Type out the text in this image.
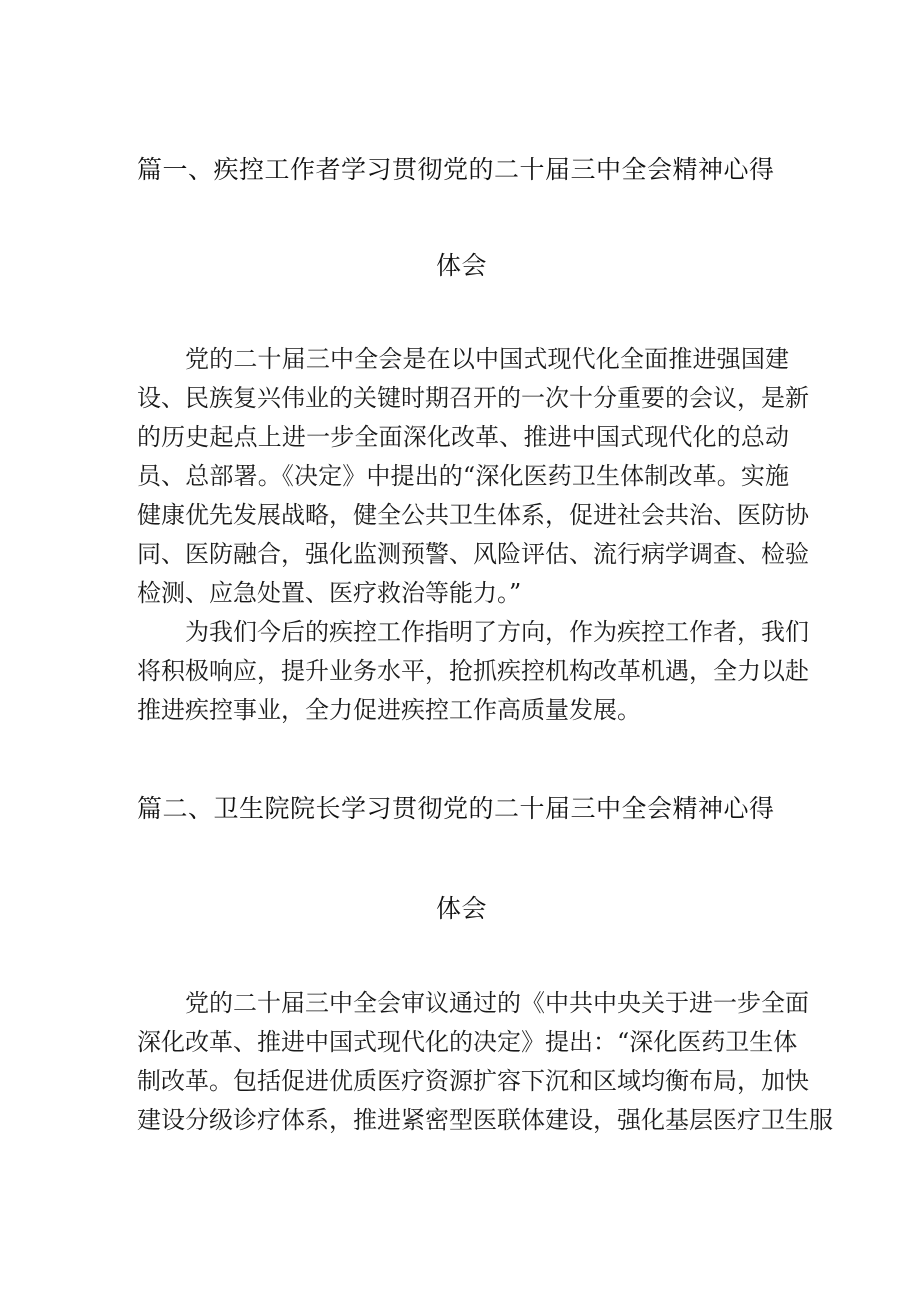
篇一、疾控工作者学习贯彻党的二十届三中全会精神心得
体会
党的二十届三中全会是在以中国式现代化全面推进强国建
设、民族复兴伟业的关键时期召开的一次十分重要的会议，是新
的历史起点上进一步全面深化改革、推进中国式现代化的总动
员、总部署。《决定》中提出的“深化医药卫生体制改革。实施
健康优先发展战略，健全公共卫生体系，促进社会共治、医防协
同、医防融合，强化监测预警、风险评估、流行病学调查、检验
检测、应急处置、医疗救治等能力。”
为我们今后的疾控工作指明了方向，作为疾控工作者，我们
将积极响应，提升业务水平，抢抓疾控机构改革机遇，全力以赴
推进疾控事业，全力促进疾控工作高质量发展。
篇二、卫生院院长学习贯彻党的二十届三中全会精神心得
体会
党的二十届三中全会审议通过的《中共中央关于进一步全面
深化改革、推进中国式现代化的决定》提出：“深化医药卫生体
制改革。包括促进优质医疗资源扩容下沉和区域均衡布局，加快
建设分级诊疗体系，推进紧密型医联体建设，强化基层医疗卫生服
